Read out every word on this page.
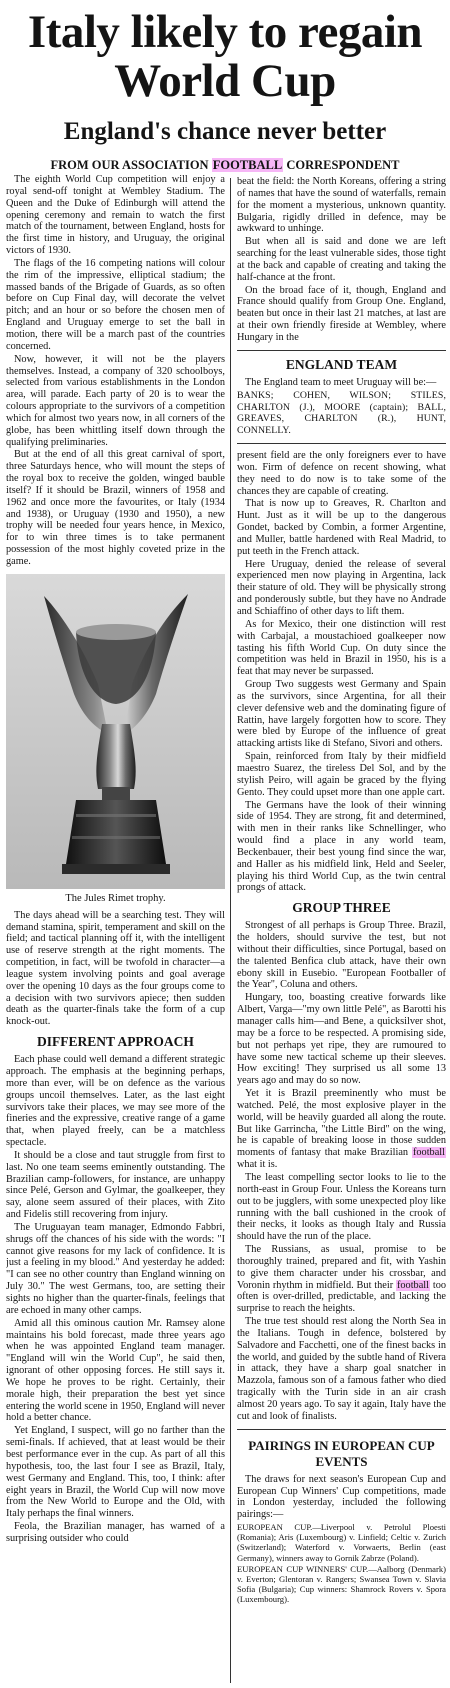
Italy likely to regain
World Cup
England's chance never better
FROM OUR ASSOCIATION FOOTBALL CORRESPONDENT

The eighth World Cup competition will enjoy a royal send-off tonight at Wembley Stadium. The Queen and the Duke of Edinburgh will attend the opening ceremony and remain to watch the first match of the tournament, between England, hosts for the first time in history, and Uruguay, the original victors of 1930.

The flags of the 16 competing nations will colour the rim of the impressive, elliptical stadium; the massed bands of the Brigade of Guards, as so often before on Cup Final day, will decorate the velvet pitch; and an hour or so before the chosen men of England and Uruguay emerge to set the ball in motion, there will be a march past of the countries concerned.

Now, however, it will not be the players themselves. Instead, a company of 320 schoolboys, selected from various establishments in the London area, will parade. Each party of 20 is to wear the colours appropriate to the survivors of a competition which for almost two years now, in all corners of the globe, has been whittling itself down through the qualifying preliminaries.

But at the end of all this great carnival of sport, three Saturdays hence, who will mount the steps of the royal box to receive the golden, winged bauble itself? If it should be Brazil, winners of 1958 and 1962 and once more the favourites, or Italy (1934 and 1938), or Uruguay (1930 and 1950), a new trophy will be needed four years hence, in Mexico, for to win three times is to take permanent possession of the most highly coveted prize in the game.

The Jules Rimet trophy.

The days ahead will be a searching test. They will demand stamina, spirit, temperament and skill on the field; and tactical planning off it, with the intelligent use of reserve strength at the right moments. The competition, in fact, will be twofold in character—a league system involving points and goal average over the opening 10 days as the four groups come to a decision with two survivors apiece; then sudden death as the quarter-finals take the form of a cup knock-out.

DIFFERENT APPROACH

Each phase could well demand a different strategic approach. The emphasis at the beginning perhaps, more than ever, will be on defence as the various groups uncoil themselves. Later, as the last eight survivors take their places, we may see more of the fineries and the expressive, creative range of a game that, when played freely, can be a matchless spectacle.

It should be a close and taut struggle from first to last. No one team seems eminently outstanding. The Brazilian camp-followers, for instance, are unhappy since Pelé, Gerson and Gylmar, the goalkeeper, they say, alone seem assured of their places, with Zito and Fidelis still recovering from injury.

The Uruguayan team manager, Edmondo Fabbri, shrugs off the chances of his side with the words: "I cannot give reasons for my lack of confidence. It is just a feeling in my blood." And yesterday he added: "I can see no other country than England winning on July 30." The west Germans, too, are setting their sights no higher than the quarter-finals, feelings that are echoed in many other camps.

Amid all this ominous caution Mr. Ramsey alone maintains his bold forecast, made three years ago when he was appointed England team manager. "England will win the World Cup", he said then, ignorant of other opposing forces. He still says it. We hope he proves to be right. Certainly, their morale high, their preparation the best yet since entering the world scene in 1950, England will never hold a better chance.

Yet England, I suspect, will go no farther than the semi-finals. If achieved, that at least would be their best performance ever in the cup. As part of all this hypothesis, too, the last four I see as Brazil, Italy, west Germany and England. This, too, I think: after eight years in Brazil, the World Cup will now move from the New World to Europe and the Old, with Italy perhaps the final winners.

Feola, the Brazilian manager, has warned of a surprising outsider who could

beat the field: the North Koreans, offering a string of names that have the sound of waterfalls, remain for the moment a mysterious, unknown quantity. Bulgaria, rigidly drilled in defence, may be awkward to unhinge.

But when all is said and done we are left searching for the least vulnerable sides, those tight at the back and capable of creating and taking the half-chance at the front.

On the broad face of it, though, England and France should qualify from Group One. England, beaten but once in their last 21 matches, at last are at their own friendly fireside at Wembley, where Hungary in the

ENGLAND TEAM

The England team to meet Uruguay will be:—

BANKS; COHEN, WILSON; STILES, CHARLTON (J.), MOORE (captain); BALL, GREAVES, CHARLTON (R.), HUNT, CONNELLY.

present field are the only foreigners ever to have won. Firm of defence on recent showing, what they need to do now is to take some of the chances they are capable of creating.

That is now up to Greaves, R. Charlton and Hunt. Just as it will be up to the dangerous Gondet, backed by Combin, a former Argentine, and Muller, battle hardened with Real Madrid, to put teeth in the French attack.

Here Uruguay, denied the release of several experienced men now playing in Argentina, lack their stature of old. They will be physically strong and ponderously subtle, but they have no Andrade and Schiaffino of other days to lift them.

As for Mexico, their one distinction will rest with Carbajal, a moustachioed goalkeeper now tasting his fifth World Cup. On duty since the competition was held in Brazil in 1950, his is a feat that may never be surpassed.

Group Two suggests west Germany and Spain as the survivors, since Argentina, for all their clever defensive web and the dominating figure of Rattin, have largely forgotten how to score. They were bled by Europe of the influence of great attacking artists like di Stefano, Sivori and others.

Spain, reinforced from Italy by their midfield maestro Suarez, the tireless Del Sol, and by the stylish Peiro, will again be graced by the flying Gento. They could upset more than one apple cart.

The Germans have the look of their winning side of 1954. They are strong, fit and determined, with men in their ranks like Schnellinger, who would find a place in any world team, Beckenbauer, their best young find since the war, and Haller as his midfield link, Held and Seeler, playing his third World Cup, as the twin central prongs of attack.

GROUP THREE

Strongest of all perhaps is Group Three. Brazil, the holders, should survive the test, but not without their difficulties, since Portugal, based on the talented Benfica club attack, have their own ebony skill in Eusebio. "European Footballer of the Year", Coluna and others.

Hungary, too, boasting creative forwards like Albert, Varga—"my own little Pelé", as Barotti his manager calls him—and Bene, a quicksilver shot, may be a force to be respected. A promising side, but not perhaps yet ripe, they are rumoured to have some new tactical scheme up their sleeves. How exciting! They surprised us all some 13 years ago and may do so now.

Yet it is Brazil preeminently who must be watched. Pelé, the most explosive player in the world, will be heavily guarded all along the route. But like Garrincha, "the Little Bird" on the wing, he is capable of breaking loose in those sudden moments of fantasy that make Brazilian football what it is.

The least compelling sector looks to lie to the north-east in Group Four. Unless the Koreans turn out to be jugglers, with some unexpected ploy like running with the ball cushioned in the crook of their necks, it looks as though Italy and Russia should have the run of the place.

The Russians, as usual, promise to be thoroughly trained, prepared and fit, with Yashin to give them character under his crossbar, and Voronin rhythm in midfield. But their football too often is over-drilled, predictable, and lacking the surprise to reach the heights.

The true test should rest along the North Sea in the Italians. Tough in defence, bolstered by Salvadore and Facchetti, one of the finest backs in the world, and guided by the subtle hand of Rivera in attack, they have a sharp goal snatcher in Mazzola, famous son of a famous father who died tragically with the Turin side in an air crash almost 20 years ago. To say it again, Italy have the cut and look of finalists.

PAIRINGS IN EUROPEAN CUP EVENTS

The draws for next season's European Cup and European Cup Winners' Cup competitions, made in London yesterday, included the following pairings:—

EUROPEAN CUP.—Liverpool v. Petrolul Ploesti (Romania); Aris (Luxembourg) v. Linfield; Celtic v. Zurich (Switzerland); Waterford v. Vorwaerts, Berlin (east Germany), winners away to Gornik Zabrze (Poland).

EUROPEAN CUP WINNERS' CUP.—Aalborg (Denmark) v. Everton; Glentoran v. Rangers; Swansea Town v. Slavia Sofia (Bulgaria); Cup winners: Shamrock Rovers v. Spora (Luxembourg).
